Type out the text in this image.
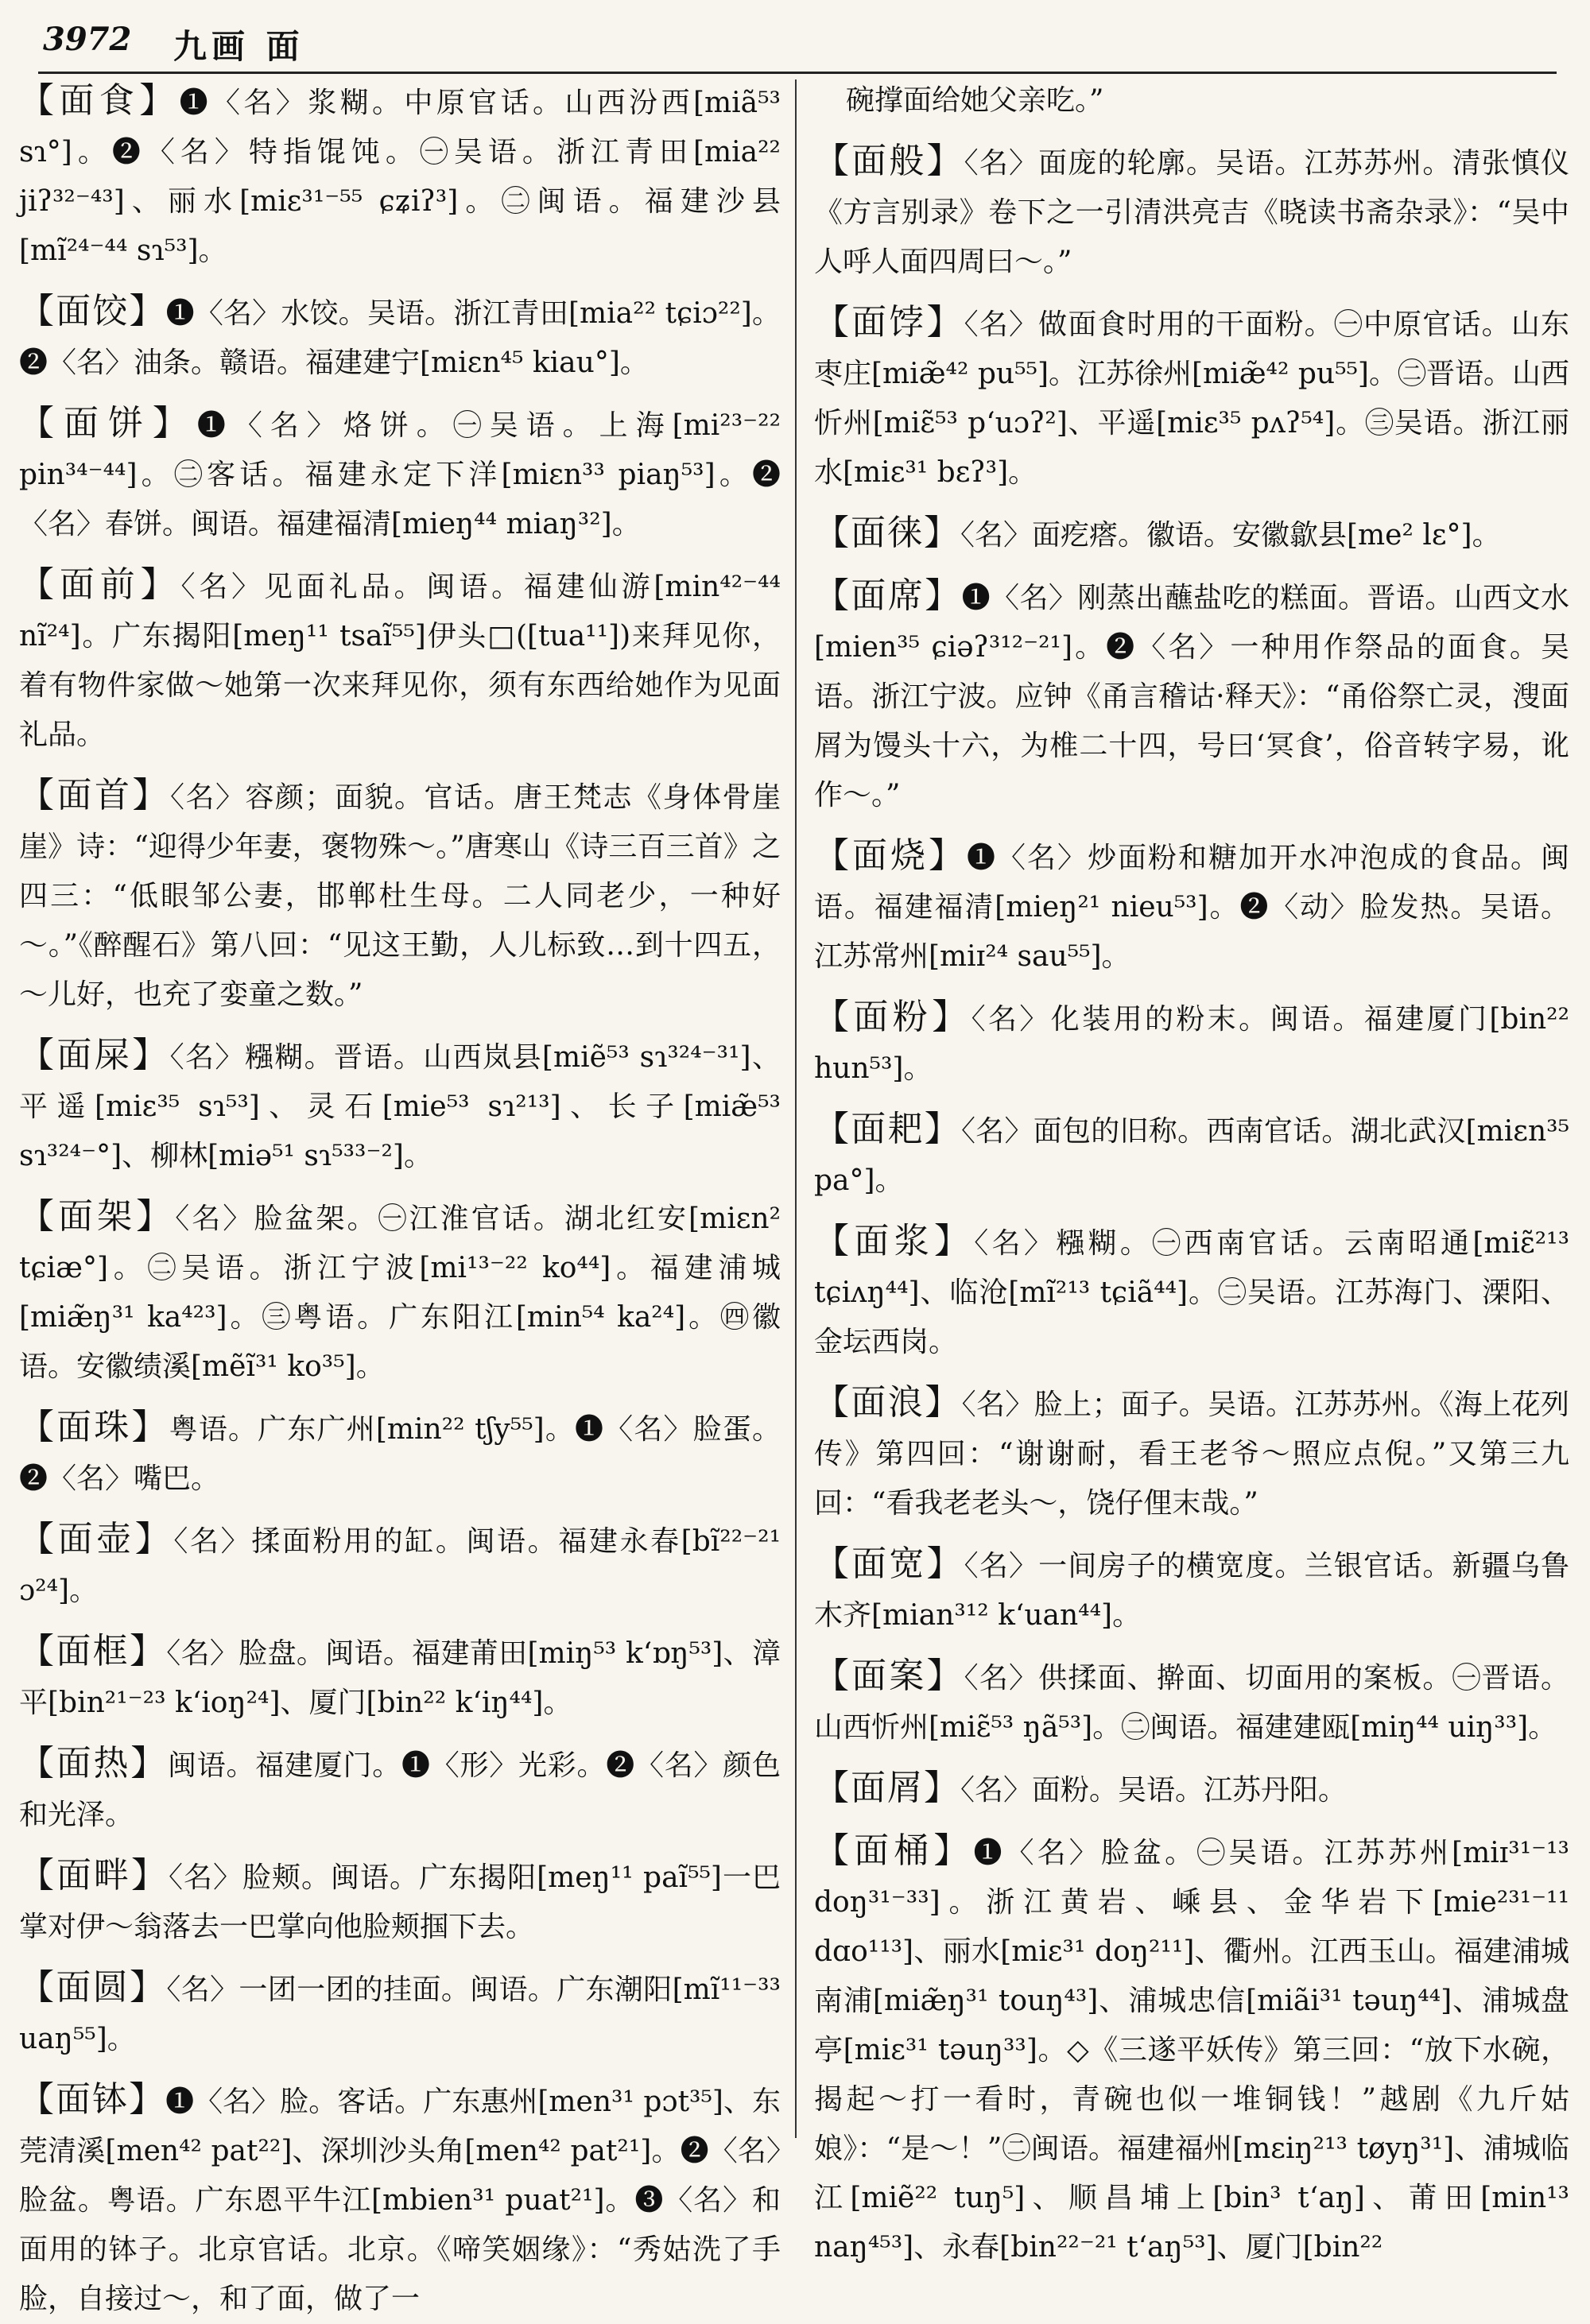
3972 九画 面
【面食】❶〈名〉浆糊。中原官话。山西汾西[miã⁵³ sɿ°]。❷〈名〉特指馄饨。㊀吴语。浙江青田[mia²² jiʔ³²⁻⁴³]、丽水[miɛ³¹⁻⁵⁵ ɕʑiʔ³]。㊁闽语。福建沙县[mĩ²⁴⁻⁴⁴ sɿ⁵³]。
【面饺】❶〈名〉水饺。吴语。浙江青田[mia²² tɕiɔ²²]。❷〈名〉油条。赣语。福建建宁[miɛn⁴⁵ kiau°]。
【面饼】❶〈名〉烙饼。㊀吴语。上海[mi²³⁻²² pin³⁴⁻⁴⁴]。㊁客话。福建永定下洋[miɛn³³ piaŋ⁵³]。❷〈名〉春饼。闽语。福建福清[mieŋ⁴⁴ miaŋ³²]。
【面前】〈名〉见面礼品。闽语。福建仙游[min⁴²⁻⁴⁴ nĩ²⁴]。广东揭阳[meŋ¹¹ tsaĩ⁵⁵]伊头□([tua¹¹])来拜见你，着有物件家做～她第一次来拜见你，须有东西给她作为见面礼品。
【面首】〈名〉容颜；面貌。官话。唐王梵志《身体骨崖崖》诗：“迎得少年妻，褒物殊～。”唐寒山《诗三百三首》之四三：“低眼邹公妻，邯郸杜生母。二人同老少，一种好～。”《醉醒石》第八回：“见这王勤，人儿标致…到十四五，～儿好，也充了娈童之数。”
【面屎】〈名〉糨糊。晋语。山西岚县[miẽ⁵³ sɿ³²⁴⁻³¹]、平遥[miɛ³⁵ sɿ⁵³]、灵石[mie⁵³ sɿ²¹³]、长子[miæ̃⁵³ sɿ³²⁴⁻°]、柳林[miə⁵¹ sɿ⁵³³⁻²]。
【面架】〈名〉脸盆架。㊀江淮官话。湖北红安[miɛn² tɕiæ°]。㊁吴语。浙江宁波[mi¹³⁻²² ko⁴⁴]。福建浦城[miæ̃ŋ³¹ ka⁴²³]。㊂粤语。广东阳江[min⁵⁴ ka²⁴]。㊃徽语。安徽绩溪[mẽĩ³¹ ko³⁵]。
【面珠】粤语。广东广州[min²² tʃy⁵⁵]。❶〈名〉脸蛋。❷〈名〉嘴巴。
【面壶】〈名〉揉面粉用的缸。闽语。福建永春[bĩ²²⁻²¹ ɔ²⁴]。
【面框】〈名〉脸盘。闽语。福建莆田[miŋ⁵³ kʻɒŋ⁵³]、漳平[bin²¹⁻²³ kʻioŋ²⁴]、厦门[bin²² kʻiŋ⁴⁴]。
【面热】闽语。福建厦门。❶〈形〉光彩。❷〈名〉颜色和光泽。
【面畔】〈名〉脸颊。闽语。广东揭阳[meŋ¹¹ paĩ⁵⁵]一巴掌对伊～翁落去一巴掌向他脸颊掴下去。
【面圆】〈名〉一团一团的挂面。闽语。广东潮阳[mĩ¹¹⁻³³ uaŋ⁵⁵]。
【面钵】❶〈名〉脸。客话。广东惠州[men³¹ pɔt³⁵]、东莞清溪[men⁴² pat²²]、深圳沙头角[men⁴² pat²¹]。❷〈名〉脸盆。粤语。广东恩平牛江[mbien³¹ puat²¹]。❸〈名〉和面用的钵子。北京官话。北京。《啼笑姻缘》：“秀姑洗了手脸，自接过～，和了面，做了一
碗撑面给她父亲吃。”
【面般】〈名〉面庞的轮廓。吴语。江苏苏州。清张慎仪《方言别录》卷下之一引清洪亮吉《晓读书斋杂录》：“吴中人呼人面四周曰～。”
【面饽】〈名〉做面食时用的干面粉。㊀中原官话。山东枣庄[miæ̃⁴² pu⁵⁵]。江苏徐州[miæ̃⁴² pu⁵⁵]。㊁晋语。山西忻州[miɛ̃⁵³ pʻuɔʔ²]、平遥[miɛ³⁵ pʌʔ⁵⁴]。㊂吴语。浙江丽水[miɛ³¹ bɛʔ³]。
【面徕】〈名〉面疙瘩。徽语。安徽歙县[me² lɛ°]。
【面席】❶〈名〉刚蒸出蘸盐吃的糕面。晋语。山西文水[mien³⁵ ɕiəʔ³¹²⁻²¹]。❷〈名〉一种用作祭品的面食。吴语。浙江宁波。应钟《甬言稽诂·释天》：“甬俗祭亡灵，溲面屑为馒头十六，为椎二十四，号曰‘冥食’，俗音转字易，讹作～。”
【面烧】❶〈名〉炒面粉和糖加开水冲泡成的食品。闽语。福建福清[mieŋ²¹ nieu⁵³]。❷〈动〉脸发热。吴语。江苏常州[miɪ²⁴ sau⁵⁵]。
【面粉】〈名〉化装用的粉末。闽语。福建厦门[bin²² hun⁵³]。
【面耙】〈名〉面包的旧称。西南官话。湖北武汉[miɛn³⁵ pa°]。
【面浆】〈名〉糨糊。㊀西南官话。云南昭通[miɛ̃²¹³ tɕiʌŋ⁴⁴]、临沧[mĩ²¹³ tɕiã⁴⁴]。㊁吴语。江苏海门、溧阳、金坛西岗。
【面浪】〈名〉脸上；面子。吴语。江苏苏州。《海上花列传》第四回：“谢谢耐，看王老爷～照应点倪。”又第三九回：“看我老老头～，饶仔俚末哉。”
【面宽】〈名〉一间房子的横宽度。兰银官话。新疆乌鲁木齐[mian³¹² kʻuan⁴⁴]。
【面案】〈名〉供揉面、擀面、切面用的案板。㊀晋语。山西忻州[miɛ̃⁵³ ŋã⁵³]。㊁闽语。福建建瓯[miŋ⁴⁴ uiŋ³³]。
【面屑】〈名〉面粉。吴语。江苏丹阳。
【面桶】❶〈名〉脸盆。㊀吴语。江苏苏州[miɪ³¹⁻¹³ doŋ³¹⁻³³]。浙江黄岩、嵊县、金华岩下[mie²³¹⁻¹¹ dɑo¹¹³]、丽水[miɛ³¹ doŋ²¹¹]、衢州。江西玉山。福建浦城南浦[miæ̃ŋ³¹ touŋ⁴³]、浦城忠信[miãi³¹ təuŋ⁴⁴]、浦城盘亭[miɛ³¹ təuŋ³³]。◇《三遂平妖传》第三回：“放下水碗，揭起～打一看时，青碗也似一堆铜钱！”越剧《九斤姑娘》：“是～！”㊁闽语。福建福州[mɛiŋ²¹³ tøyŋ³¹]、浦城临江[miẽ²² tuŋ⁵]、顺昌埔上[bin³ tʻaŋ]、莆田[min¹³ naŋ⁴⁵³]、永春[bin²²⁻²¹ tʻaŋ⁵³]、厦门[bin²²
